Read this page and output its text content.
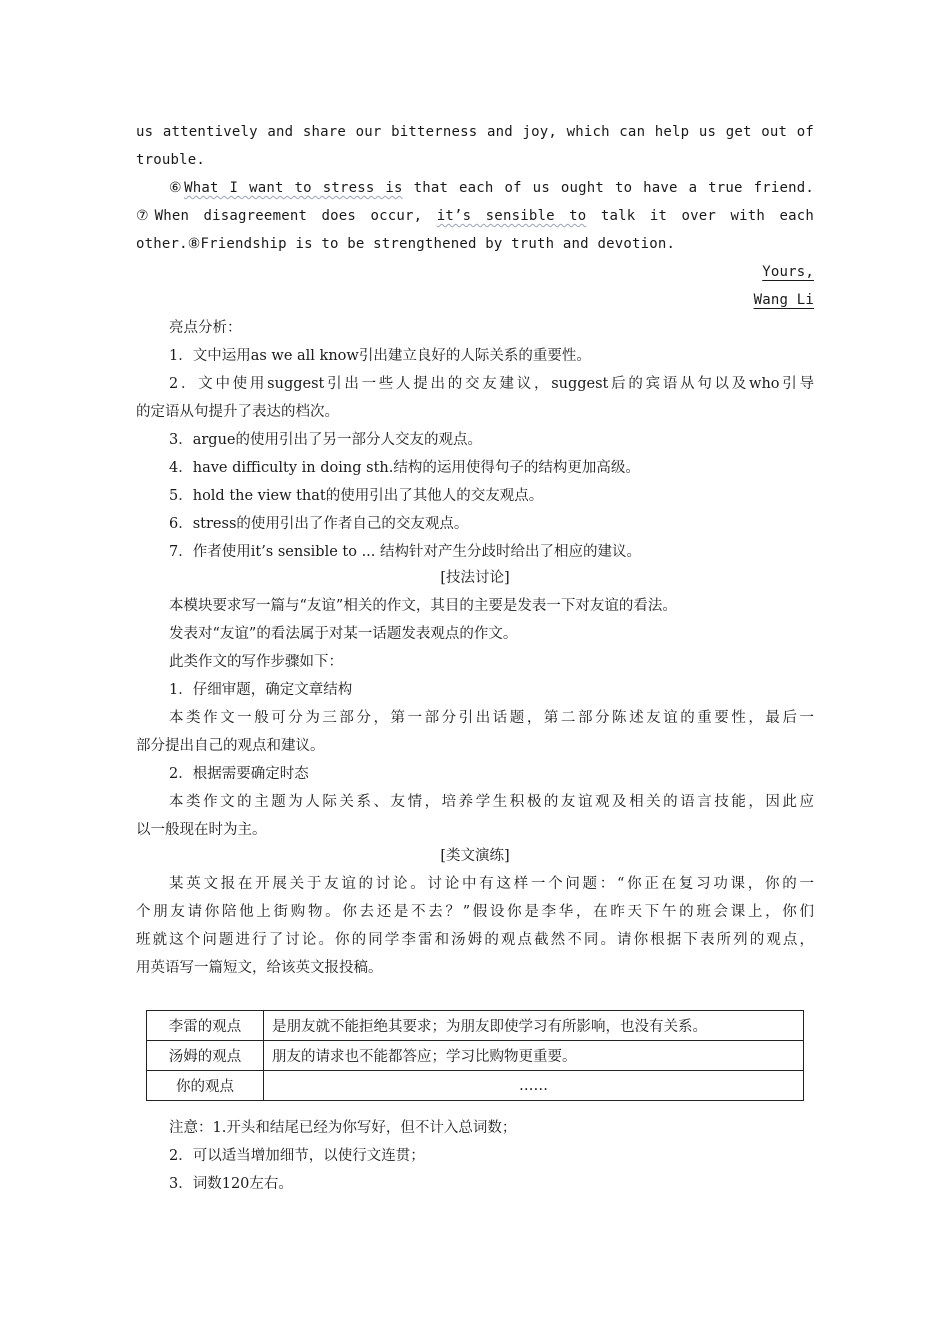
us attentively and share our bitterness and joy, which can help us get out of
trouble.
⑥What I want to stress is that each of us ought to have a true friend.
⑦When disagreement does occur, it’s sensible to talk it over with each
other.⑧Friendship is to be strengthened by truth and devotion.
Yours,
Wang Li
亮点分析：
1．文中运用as we all know引出建立良好的人际关系的重要性。
2．文中使用suggest引出一些人提出的交友建议，suggest后的宾语从句以及who引导
的定语从句提升了表达的档次。
3．argue的使用引出了另一部分人交友的观点。
4．have difficulty in doing sth.结构的运用使得句子的结构更加高级。
5．hold the view that的使用引出了其他人的交友观点。
6．stress的使用引出了作者自己的交友观点。
7．作者使用it’s sensible to ... 结构针对产生分歧时给出了相应的建议。
[技法讨论]
本模块要求写一篇与“友谊”相关的作文，其目的主要是发表一下对友谊的看法。
发表对“友谊”的看法属于对某一话题发表观点的作文。
此类作文的写作步骤如下：
1．仔细审题，确定文章结构
本类作文一般可分为三部分，第一部分引出话题，第二部分陈述友谊的重要性，最后一
部分提出自己的观点和建议。
2．根据需要确定时态
本类作文的主题为人际关系、友情，培养学生积极的友谊观及相关的语言技能，因此应
以一般现在时为主。
[类文演练]
某英文报在开展关于友谊的讨论。讨论中有这样一个问题：“你正在复习功课，你的一
个朋友请你陪他上街购物。你去还是不去？”假设你是李华，在昨天下午的班会课上，你们
班就这个问题进行了讨论。你的同学李雷和汤姆的观点截然不同。请你根据下表所列的观点，
用英语写一篇短文，给该英文报投稿。
注意：1.开头和结尾已经为你写好，但不计入总词数；
2．可以适当增加细节，以使行文连贯；
3．词数120左右。
李雷的观点	是朋友就不能拒绝其要求；为朋友即使学习有所影响，也没有关系。
汤姆的观点	朋友的请求也不能都答应；学习比购物更重要。
你的观点	……
